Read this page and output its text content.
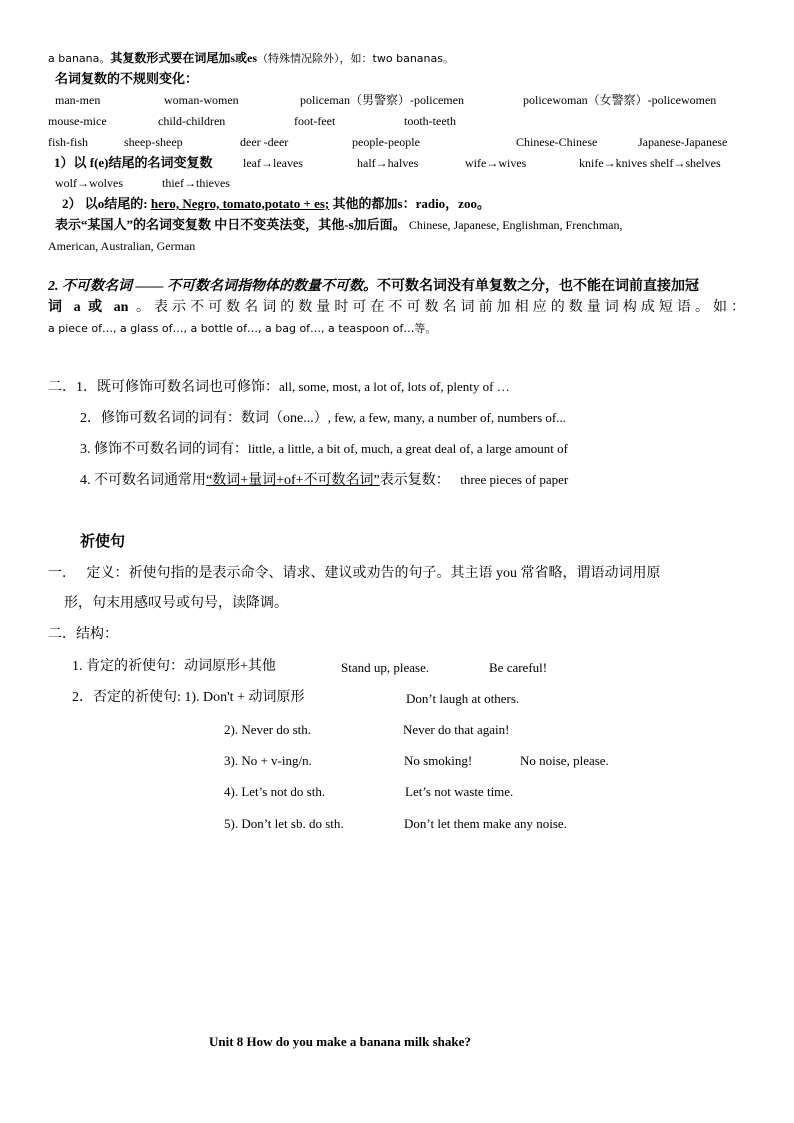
a banana。其复数形式要在词尾加s或es（特殊情况除外），如：two bananas。
名词复数的不规则变化：
man-men	woman-women	policeman（男警察）-policemen	policewoman（女警察）-policewomen
mouse-mice	child-children	foot-feet	tooth-teeth
fish-fish	sheep-sheep	deer -deer	people-people	Chinese-Chinese	Japanese-Japanese
1）以 f(e)结尾的名词变复数	leaf→leaves	half→halves	wife→wives	knife→knives shelf→shelves
wolf→wolves	thief→thieves
2） 以o结尾的: hero, Negro, tomato,potato + es; 其他的都加s：radio，zoo。
表示“某国人”的名词变复数 中日不变英法变，其他-s加后面。 Chinese, Japanese, Englishman, Frenchman,
American, Australian, German
2. 不可数名词 —— 不可数名词指物体的数量不可数。不可数名词没有单复数之分，也不能在词前直接加冠
词 a 或 an 。表示不可数名词的数量时可在不可数名词前加相应的数量词构成短语。如：
a piece of…, a glass of…, a bottle of…, a bag of…, a teaspoon of…等。
二．1．既可修饰可数名词也可修饰：all, some, most, a lot of, lots of, plenty of …
2．修饰可数名词的词有：数词（one...）, few, a few, many, a number of, numbers of...
3. 修饰不可数名词的词有：little, a little, a bit of, much, a great deal of, a large amount of
4. 不可数名词通常用“数词+量词+of+不可数名词”表示复数： three pieces of paper
祈使句
一． 定义：祈使句指的是表示命令、请求、建议或劝告的句子。其主语 you 常省略，谓语动词用原
形，句末用感叹号或句号，读降调。
二．结构：
1. 肯定的祈使句：动词原形+其他	Stand up, please.	Be careful!
2．否定的祈使句: 1). Don't + 动词原形	Don’t laugh at others.
2). Never do sth.	Never do that again!
3). No + v-ing/n.	No smoking!	No noise, please.
4). Let’s not do sth.	Let’s not waste time.
5). Don’t let sb. do sth.	Don’t let them make any noise.
Unit 8 How do you make a banana milk shake?
